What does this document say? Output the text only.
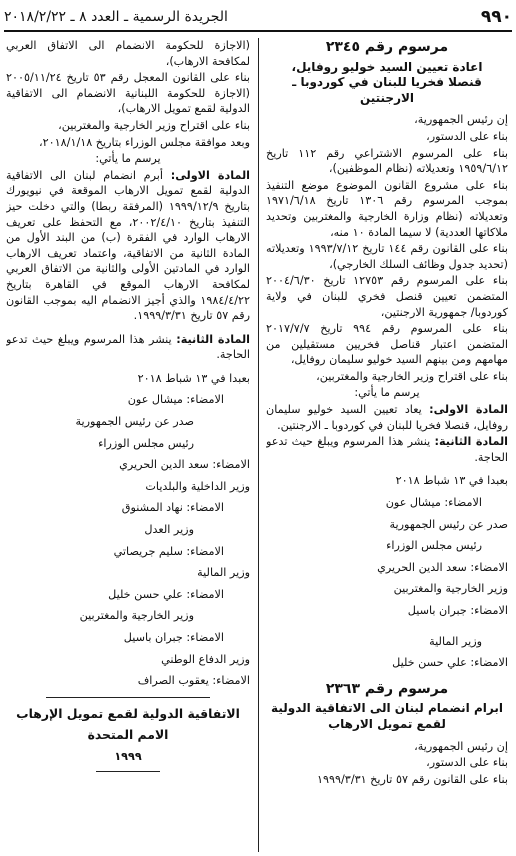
٩٩٠
الجريدة الرسمية ـ العدد ٨ ـ ٢٠١٨/٢/٢٢
مرسوم رقم ٢٣٤٥
اعادة تعيين السيد خوليو روفايل،
قنصلا فخريا للبنان في كوردوبا ـ الارجنتين

إن رئيس الجمهورية،

بناء على الدستور،

بناء على المرسوم الاشتراعي رقم ١١٢ تاريخ ١٩٥٩/٦/١٢ وتعديلاته (نظام الموظفين)،

بناء على مشروع القانون الموضوع موضع التنفيذ بموجب المرسوم رقم ١٣٠٦ تاريخ ١٩٧١/٦/١٨ وتعديلاته (نظام وزارة الخارجية والمغتربين وتحديد ملاكاتها العددية) لا سيما المادة ١٠ منه،

بناء على القانون رقم ١٤٤ تاريخ ١٩٩٣/٧/١٢ وتعديلاته (تحديد جدول وظائف السلك الخارجي)،

بناء على المرسوم رقم ١٢٧٥٣ تاريخ ٢٠٠٤/٦/٣٠ المتضمن تعيين قنصل فخري للبنان في ولاية كوردوبا/ جمهورية الارجنتين،

بناء على المرسوم رقم ٩٩٤ تاريخ ٢٠١٧/٧/٧ المتضمن اعتبار قناصل فخريين مستقيلين من مهامهم ومن بينهم السيد خوليو سليمان روفايل،

بناء على اقتراح وزير الخارجية والمغتربين،

يرسم ما يأتي:

المادة الاولى: يعاد تعيين السيد خوليو سليمان روفايل، قنصلا فخريا للبنان في كوردوبا ـ الارجنتين.

المادة الثانية: ينشر هذا المرسوم ويبلغ حيث تدعو الحاجة.

بعبدا في ١٣ شباط ٢٠١٨

الامضاء: ميشال عون

صدر عن رئيس الجمهورية

رئيس مجلس الوزراء

الامضاء: سعد الدين الحريري

وزير الخارجية والمغتربين

الامضاء: جبران باسيل

وزير المالية

الامضاء: علي حسن خليل

مرسوم رقم ٢٣٦٣
ابرام انضمام لبنان الى الاتفاقية الدولية
لقمع تمويل الارهاب

إن رئيس الجمهورية،

بناء على الدستور،

بناء على القانون رقم ٥٧ تاريخ ١٩٩٩/٣/٣١

(الاجازة للحكومة الانضمام الى الاتفاق العربي لمكافحة الارهاب)،

بناء على القانون المعجل رقم ٥٣ تاريخ ٢٠٠٥/١١/٢٤ (الاجازة للحكومة اللبنانية الانضمام الى الاتفاقية الدولية لقمع تمويل الارهاب)،

بناء على اقتراح وزير الخارجية والمغتربين،

وبعد موافقة مجلس الوزراء بتاريخ ٢٠١٨/١/١٨،

يرسم ما يأتي:

المادة الاولى: أبرم انضمام لبنان الى الاتفاقية الدولية لقمع تمويل الارهاب الموقعة في نيويورك بتاريخ ١٩٩٩/١٢/٩ (المرفقة ربطا) والتي دخلت حيز التنفيذ بتاريخ ٢٠٠٢/٤/١٠، مع التحفظ على تعريف الارهاب الوارد في الفقرة (ب) من البند الأول من المادة الثانية من الاتفاقية، واعتماد تعريف الارهاب الوارد في المادتين الأولى والثانية من الاتفاق العربي لمكافحة الارهاب الموقع في القاهرة بتاريخ ١٩٨٤/٤/٢٢ والذي أجيز الانضمام اليه بموجب القانون رقم ٥٧ تاريخ ١٩٩٩/٣/٣١.

المادة الثانية: ينشر هذا المرسوم ويبلغ حيث تدعو الحاجة.

بعبدا في ١٣ شباط ٢٠١٨

الامضاء: ميشال عون

صدر عن رئيس الجمهورية

رئيس مجلس الوزراء

الامضاء: سعد الدين الحريري

وزير الداخلية والبلديات

الامضاء: نهاد المشنوق

وزير العدل

الامضاء: سليم جريصاتي

وزير المالية

الامضاء: علي حسن خليل

وزير الخارجية والمغتربين

الامضاء: جبران باسيل

وزير الدفاع الوطني

الامضاء: يعقوب الصراف

الاتفاقية الدولية لقمع تمويل الإرهاب
الامم المتحدة
١٩٩٩
